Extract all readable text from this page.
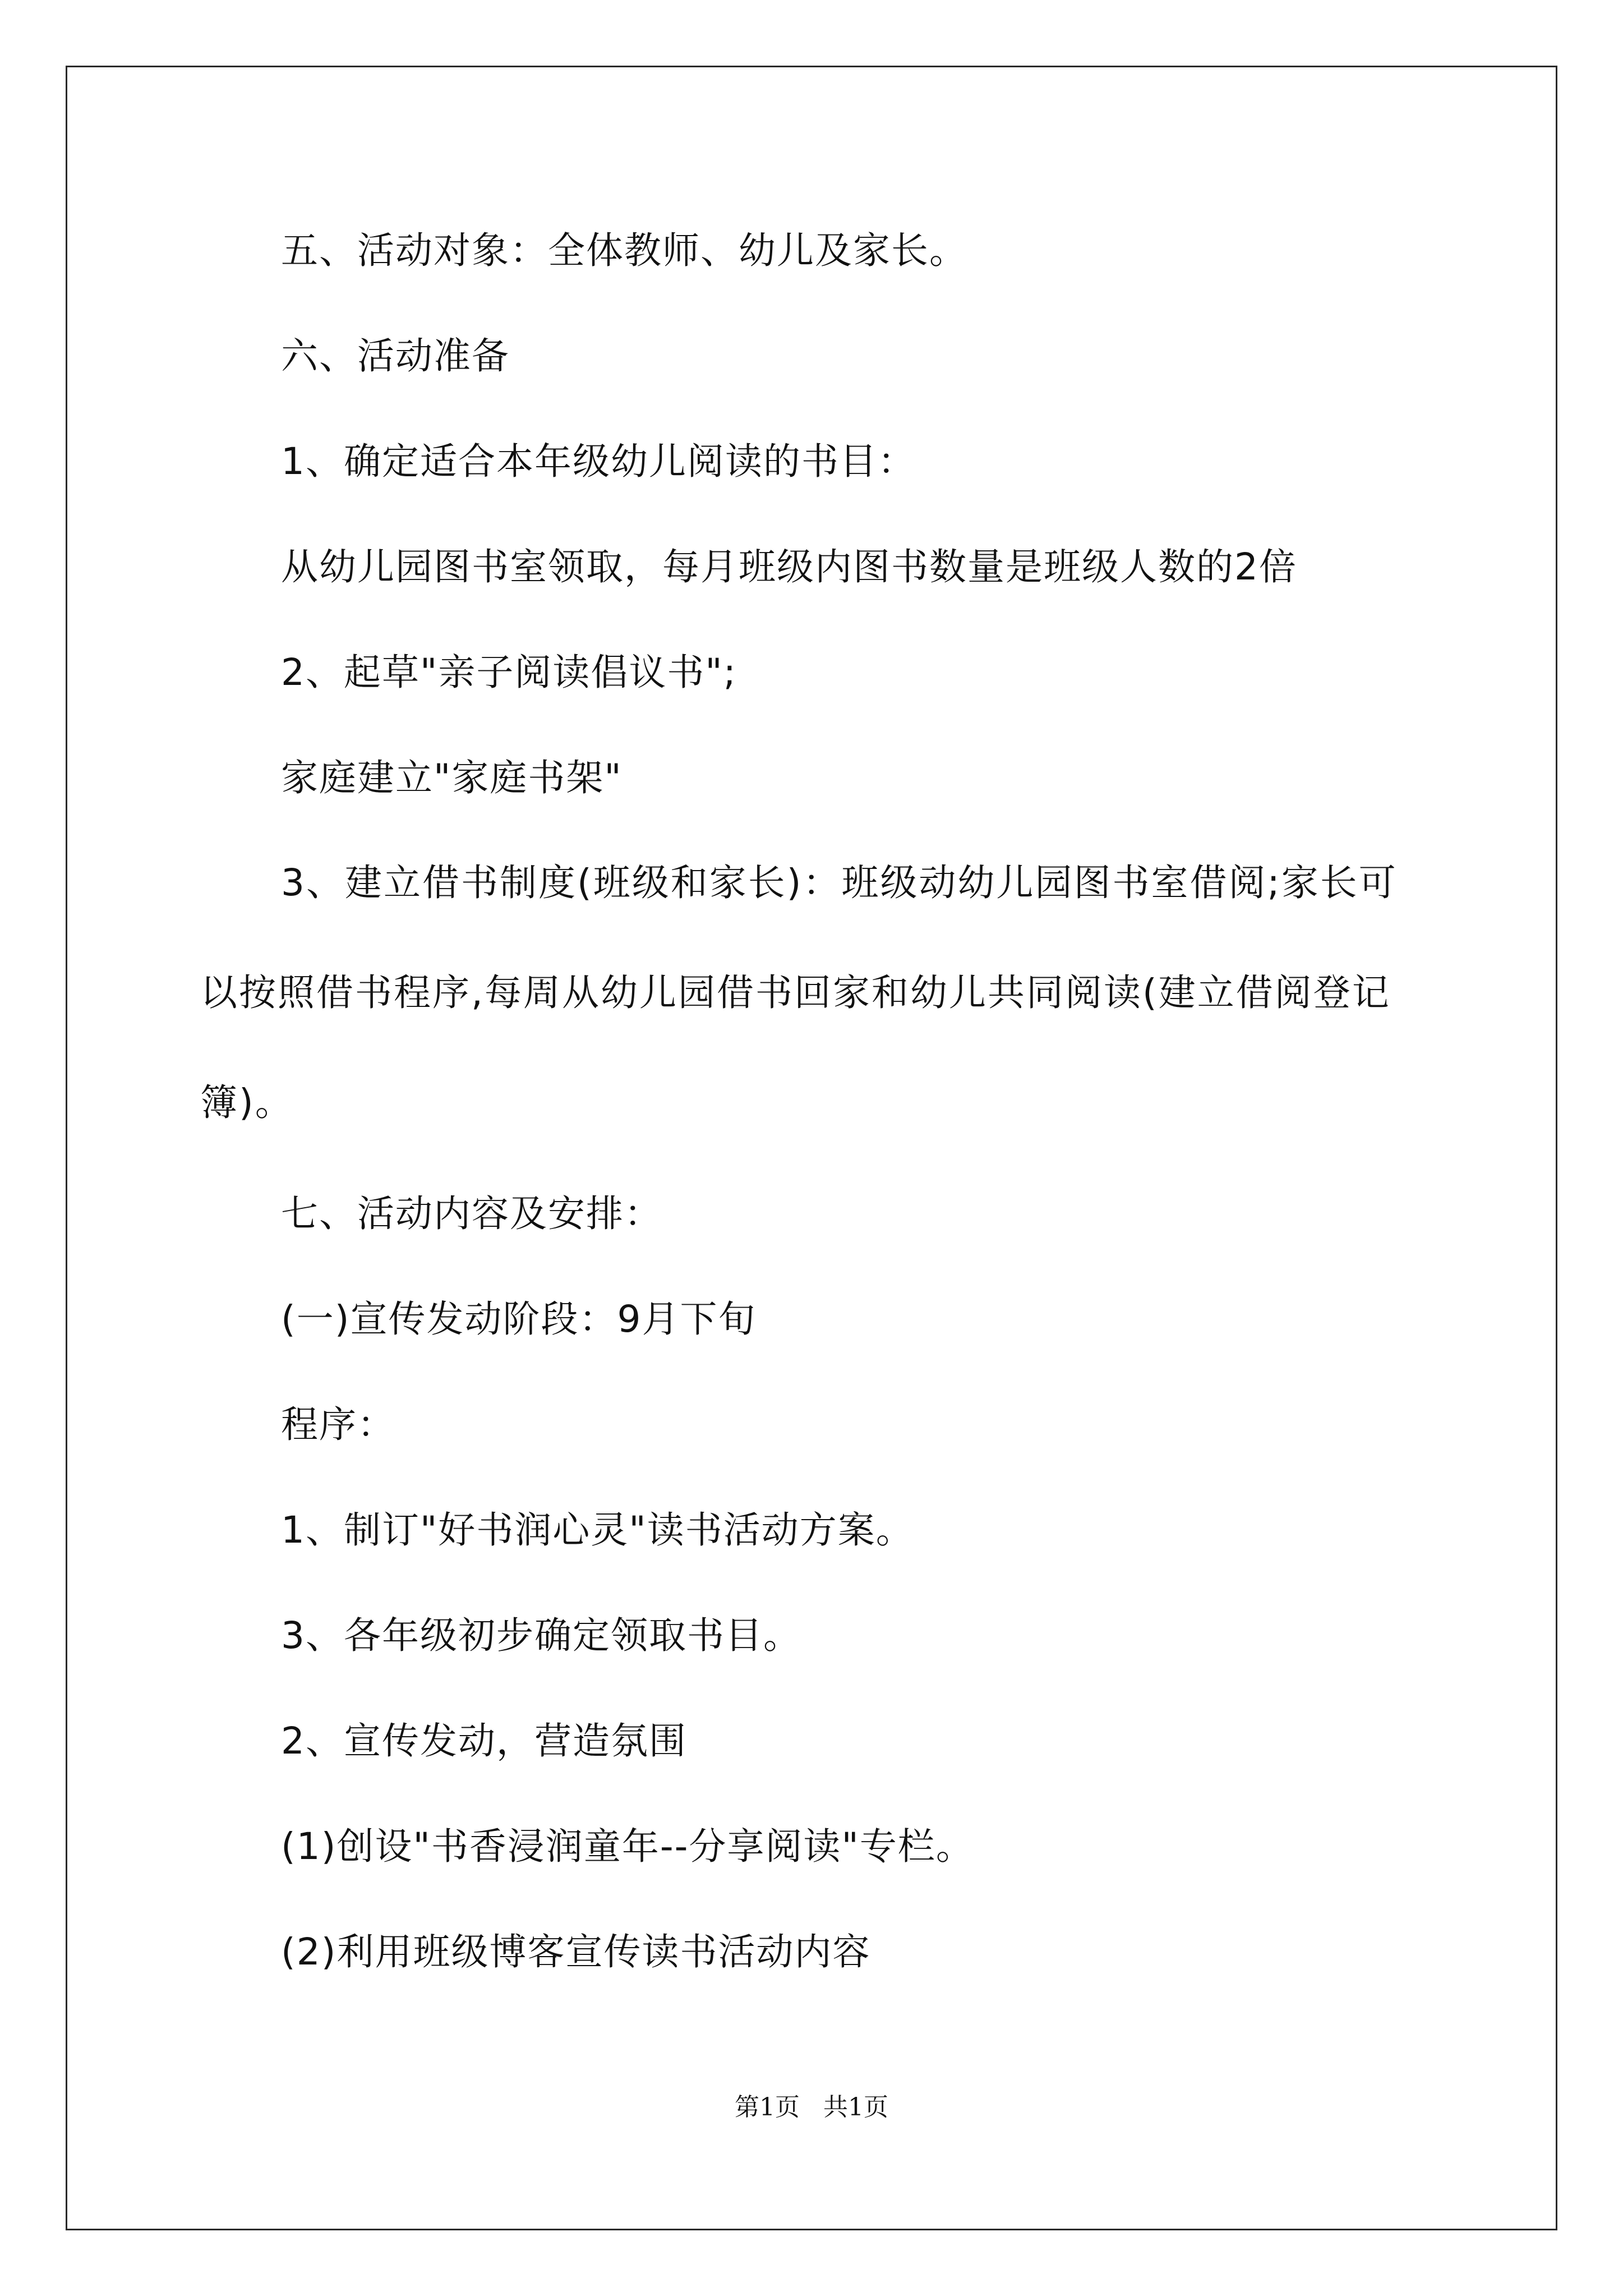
五、活动对象：全体教师、幼儿及家长。
六、活动准备
1、确定适合本年级幼儿阅读的书目：
从幼儿园图书室领取，每月班级内图书数量是班级人数的2倍
2、起草"亲子阅读倡议书";
家庭建立"家庭书架"
3、建立借书制度(班级和家长)：班级动幼儿园图书室借阅;家长可以按照借书程序,每周从幼儿园借书回家和幼儿共同阅读(建立借阅登记簿)。
七、活动内容及安排：
(一)宣传发动阶段：9月下旬
程序：
1、制订"好书润心灵"读书活动方案。
3、各年级初步确定领取书目。
2、宣传发动，营造氛围
(1)创设"书香浸润童年--分享阅读"专栏。
(2)利用班级博客宣传读书活动内容
第1页 共1页
